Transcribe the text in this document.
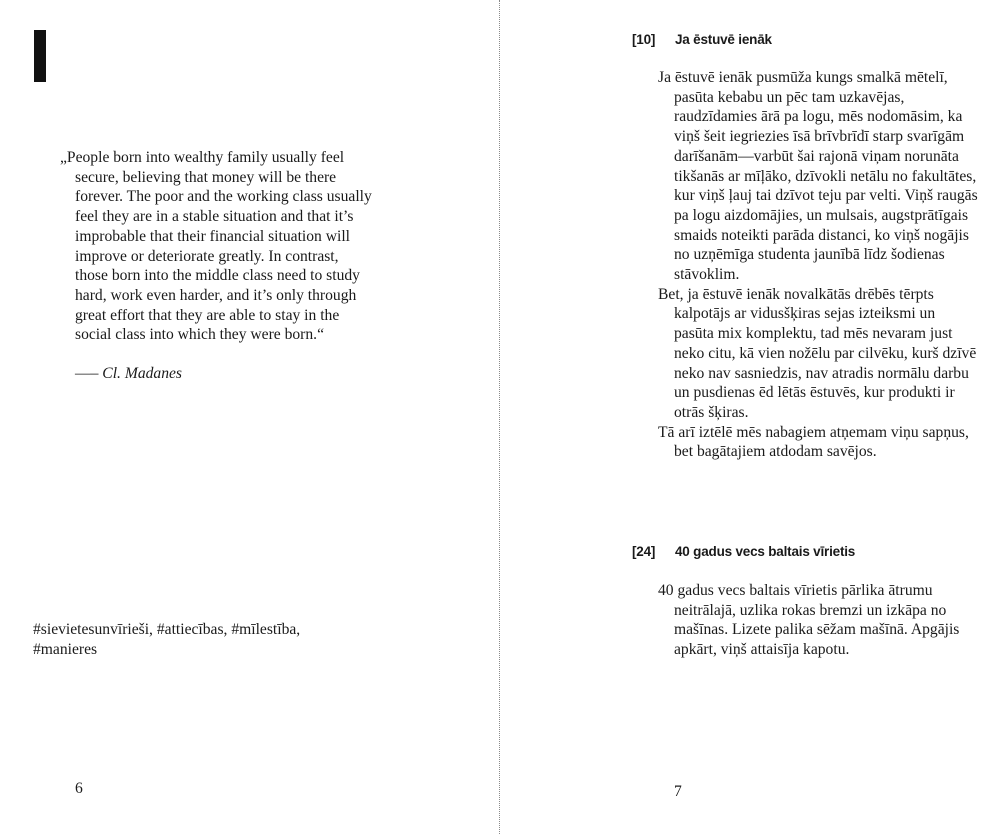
„People born into wealthy family usually feel secure, believing that money will be there forever. The poor and the working class usually feel they are in a stable situation and that it’s improbable that their financial situation will improve or deteriorate greatly. In contrast, those born into the middle class need to study hard, work even harder, and it’s only through great effort that they are able to stay in the social class into which they were born.“
—– Cl. Madanes
#sievietesunvīrieši, #attiecības, #mīlestība, #manieres
6
[10] Ja ēstuvē ienāk

Ja ēstuvē ienāk pusmūža kungs smalkā mētelī, pasūta kebabu un pēc tam uzkavējas, raudzīdamies ārā pa logu, mēs nodomāsim, ka viņš šeit iegriezies īsā brīvbrīdī starp svarīgām darīšanām—varbūt šai rajonā viņam norunāta tikšanās ar mīļāko, dzīvokli netālu no fakultātes, kur viņš ļauj tai dzīvot teju par velti. Viņš raugās pa logu aizdomājies, un mulsais, augstprātīgais smaids noteikti parāda distanci, ko viņš nogājis no uzņēmīga studenta jaunībā līdz šodienas stāvoklim.

Bet, ja ēstuvē ienāk novalkātās drēbēs tērpts kalpotājs ar vidusšķiras sejas izteiksmi un pasūta mix komplektu, tad mēs nevaram just neko citu, kā vien nožēlu par cilvēku, kurš dzīvē neko nav sasniedzis, nav atradis normālu darbu un pusdienas ēd lētās ēstuvēs, kur produkti ir otrās šķiras.

Tā arī iztēlē mēs nabagiem atņemam viņu sapņus, bet bagātajiem atdodam savējos.

[24] 40 gadus vecs baltais vīrietis

40 gadus vecs baltais vīrietis pārlika ātrumu neitrālajā, uzlika rokas bremzi un izkāpa no mašīnas. Lizete palika sēžam mašīnā. Apgājis apkārt, viņš attaisīja kapotu.

7
